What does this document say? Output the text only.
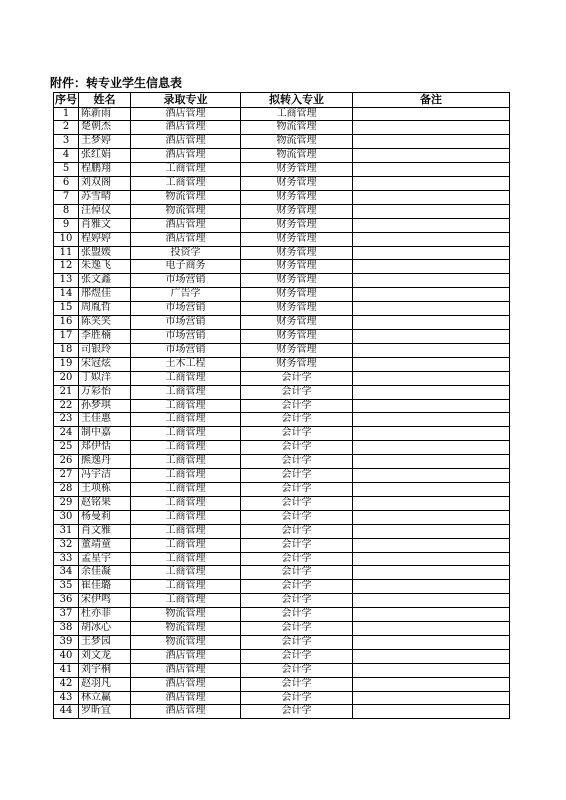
附件：转专业学生信息表
序号	姓名	录取专业	拟转入专业	备注
1	陈新雨	酒店管理	工商管理	
2	楚朝杰	酒店管理	物流管理	
3	王梦婷	酒店管理	物流管理	
4	张红娟	酒店管理	物流管理	
5	程鹏翔	工商管理	财务管理	
6	刘双阁	工商管理	财务管理	
7	苏雪晴	物流管理	财务管理	
8	汪倬仪	物流管理	财务管理	
9	肖雅文	酒店管理	财务管理	
10	程婷婷	酒店管理	财务管理	
11	张盟媛	投资学	财务管理	
12	朱逸飞	电子商务	财务管理	
13	张文鑫	市场营销	财务管理	
14	邢煜佳	广告学	财务管理	
15	周胤哲	市场营销	财务管理	
16	陈笑笑	市场营销	财务管理	
17	李胜楠	市场营销	财务管理	
18	司银玲	市场营销	财务管理	
19	宋冠炫	土木工程	财务管理	
20	丁姒洋	工商管理	会计学	
21	万彩怡	工商管理	会计学	
22	孙梦琪	工商管理	会计学	
23	王佳惠	工商管理	会计学	
24	制中嘉	工商管理	会计学	
25	郑伊恬	工商管理	会计学	
26	熊逸丹	工商管理	会计学	
27	冯宇洁	工商管理	会计学	
28	王项栋	工商管理	会计学	
29	赵铭果	工商管理	会计学	
30	杨曼莉	工商管理	会计学	
31	肖文雅	工商管理	会计学	
32	董靖童	工商管理	会计学	
33	孟星宇	工商管理	会计学	
34	余佳凝	工商管理	会计学	
35	崔佳璐	工商管理	会计学	
36	宋伊鸣	工商管理	会计学	
37	杜亦菲	物流管理	会计学	
38	胡冰心	物流管理	会计学	
39	王梦园	物流管理	会计学	
40	刘文龙	酒店管理	会计学	
41	刘宇桐	酒店管理	会计学	
42	赵羽凡	酒店管理	会计学	
43	林立赢	酒店管理	会计学	
44	罗昕宜	酒店管理	会计学	
